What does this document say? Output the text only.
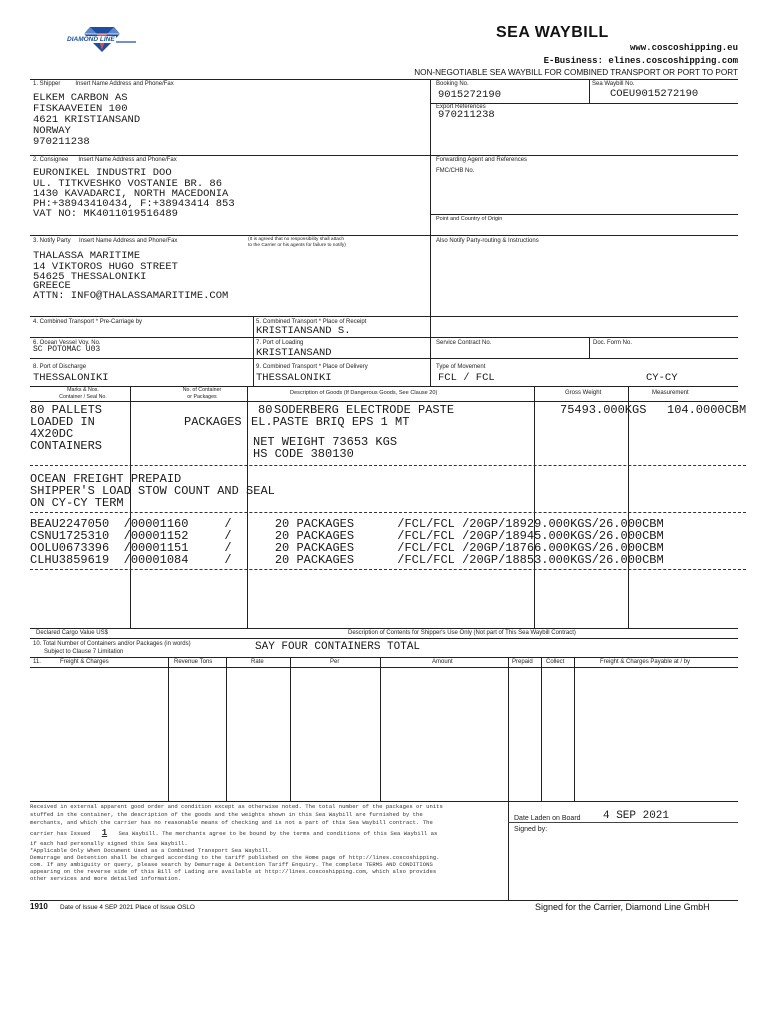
DIAMOND LINE	SEA WAYBILL
www.coscoshipping.eu
E-Business: elines.coscoshipping.com
NON-NEGOTIABLE SEA WAYBILL FOR COMBINED TRANSPORT OR PORT TO PORT
1. Shipper	Insert Name Address and Phone/Fax
ELKEM CARBON AS
FISKAAVEIEN 100
4621 KRISTIANSAND
NORWAY
970211238
Booking No.
9015272190
Sea Waybill No.
COEU9015272190
Export References
970211238
2. Consignee Insert Name Address and Phone/Fax
EURONIKEL INDUSTRI DOO
UL. TITKVESHKO VOSTANIE BR. 86
1430 KAVADARCI, NORTH MACEDONIA
PH:+38943410434, F:+38943414 853
VAT NO: MK4011019516489
Forwarding Agent and References
FMC/CHB No.
Point and Country of Origin
3. Notify Party Insert Name Address and Phone/Fax	(It is agreed that no responsibility shall attach
to the Carrier or his agents for failure to notify)
THALASSA MARITIME
14 VIKTOROS HUGO STREET
54625 THESSALONIKI
GREECE
ATTN: INFO@THALASSAMARITIME.COM
Also Notify Party-routing & Instructions
4. Combined Transport * Pre-Carriage by	5. Combined Transport * Place of Receipt
KRISTIANSAND S.
6. Ocean Vessel Voy. No.
SC POTOMAC U03
7. Port of Loading
KRISTIANSAND
Service Contract No.	Doc. Form No.
8. Port of Discharge
THESSALONIKI
9. Combined Transport * Place of Delivery
THESSALONIKI
Type of Movement
FCL / FCL	CY-CY
Marks & Nos.
Container / Seal No.
No. of Container
or Packages
Description of Goods (If Dangerous Goods, See Clause 20)	Gross Weight	Measurement
80 PALLETS
LOADED IN
4X20DC
CONTAINERS
80
PACKAGES
SODERBERG ELECTRODE PASTE
EL.PASTE BRIQ EPS 1 MT
NET WEIGHT 73653 KGS
HS CODE 380130
75493.000KGS 104.0000CBM
OCEAN FREIGHT PREPAID
SHIPPER'S LOAD STOW COUNT AND SEAL
ON CY-CY TERM
BEAU2247050  /00001160     /      20 PACKAGES      /FCL/FCL /20GP/18929.000KGS/26.000CBM
CSNU1725310  /00001152     /      20 PACKAGES      /FCL/FCL /20GP/18945.000KGS/26.000CBM
OOLU0673396  /00001151     /      20 PACKAGES      /FCL/FCL /20GP/18766.000KGS/26.000CBM
CLHU3859619  /00001084     /      20 PACKAGES      /FCL/FCL /20GP/18853.000KGS/26.000CBM
Declared Cargo Value US$	Description of Contents for Shipper's Use Only (Not part of This Sea Waybill Contract)
10. Total Number of Containers and/or Packages (in words)
Subject to Clause 7 Limitation	SAY FOUR CONTAINERS TOTAL
11.	Freight & Charges	Revenue Tons	Rate	Per	Amount	Prepaid Collect	Freight & Charges Payable at / by
Received in external apparent good order and condition except as otherwise noted. The total number of the packages or units
stuffed in the container, the description of the goods and the weights shown in this Sea Waybill are furnished by the
merchants, and which the carrier has no reasonable means of checking and is not a part of this Sea Waybill contract. The
carrier has Issued 1 Sea Waybill. The merchants agree to be bound by the terms and conditions of this Sea Waybill as
if each had personally signed this Sea Waybill.
*Applicable Only When Document Used as a Combined Transport Sea Waybill.
Demurrage and Detention shall be charged according to the tariff published on the Home page of http://lines.coscoshipping.
com. If any ambiguity or query, please search by Demurrage & Detention Tariff Enquiry. The complete TERMS AND CONDITIONS
appearing on the reverse side of this Bill of Lading are available at http://lines.coscoshipping.com, which also provides
other services and more detailed information.
Date Laden on Board 4 SEP 2021
Signed by:
1910 Date of Issue 4 SEP 2021 Place of Issue OSLO	Signed for the Carrier, Diamond Line GmbH
